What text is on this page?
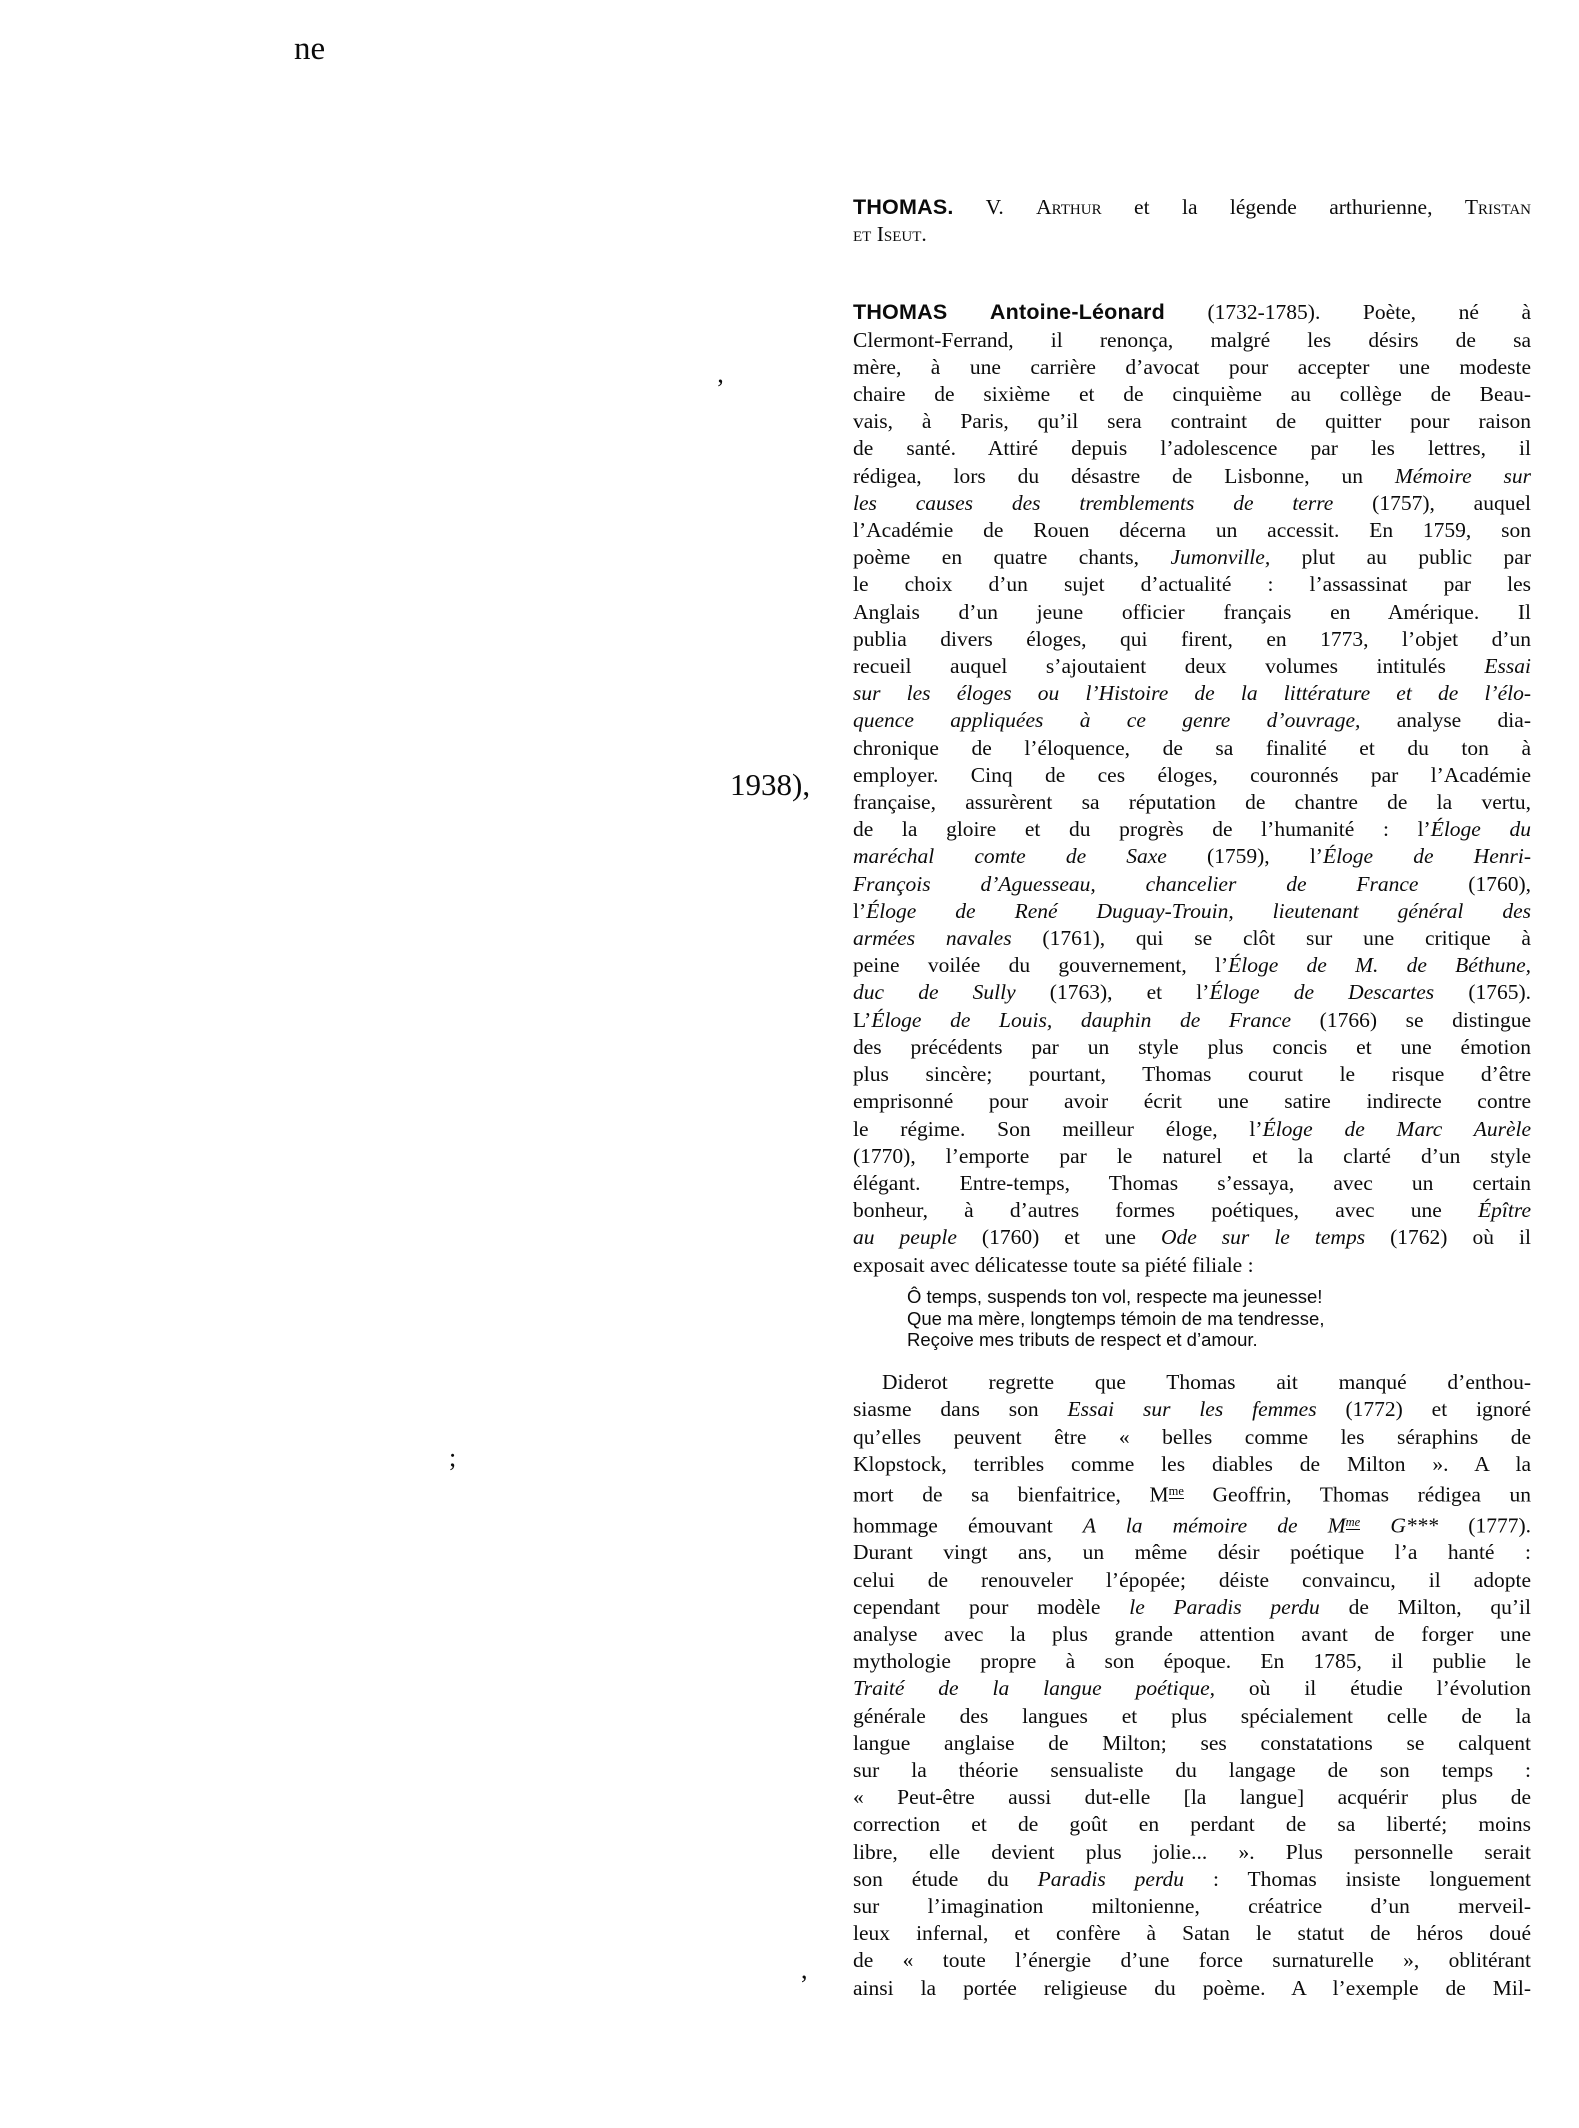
ne
’
1938),
;
,
THOMAS. V. Arthur et la légende arthurienne, Tristan
et Iseut.
THOMAS Antoine-Léonard (1732-1785). Poète, né à
Clermont-Ferrand, il renonça, malgré les désirs de sa
mère, à une carrière d’avocat pour accepter une modeste
chaire de sixième et de cinquième au collège de Beau-
vais, à Paris, qu’il sera contraint de quitter pour raison
de santé. Attiré depuis l’adolescence par les lettres, il
rédigea, lors du désastre de Lisbonne, un Mémoire sur
les causes des tremblements de terre (1757), auquel
l’Académie de Rouen décerna un accessit. En 1759, son
poème en quatre chants, Jumonville, plut au public par
le choix d’un sujet d’actualité : l’assassinat par les
Anglais d’un jeune officier français en Amérique. Il
publia divers éloges, qui firent, en 1773, l’objet d’un
recueil auquel s’ajoutaient deux volumes intitulés Essai
sur les éloges ou l’Histoire de la littérature et de l’élo-
quence appliquées à ce genre d’ouvrage, analyse dia-
chronique de l’éloquence, de sa finalité et du ton à
employer. Cinq de ces éloges, couronnés par l’Académie
française, assurèrent sa réputation de chantre de la vertu,
de la gloire et du progrès de l’humanité : l’Éloge du
maréchal comte de Saxe (1759), l’Éloge de Henri-
François d’Aguesseau, chancelier de France (1760),
l’Éloge de René Duguay-Trouin, lieutenant général des
armées navales (1761), qui se clôt sur une critique à
peine voilée du gouvernement, l’Éloge de M. de Béthune,
duc de Sully (1763), et l’Éloge de Descartes (1765).
L’Éloge de Louis, dauphin de France (1766) se distingue
des précédents par un style plus concis et une émotion
plus sincère; pourtant, Thomas courut le risque d’être
emprisonné pour avoir écrit une satire indirecte contre
le régime. Son meilleur éloge, l’Éloge de Marc Aurèle
(1770), l’emporte par le naturel et la clarté d’un style
élégant. Entre-temps, Thomas s’essaya, avec un certain
bonheur, à d’autres formes poétiques, avec une Épître
au peuple (1760) et une Ode sur le temps (1762) où il
exposait avec délicatesse toute sa piété filiale :
Ô temps, suspends ton vol, respecte ma jeunesse!
Que ma mère, longtemps témoin de ma tendresse,
Reçoive mes tributs de respect et d’amour.
Diderot regrette que Thomas ait manqué d’enthou-
siasme dans son Essai sur les femmes (1772) et ignoré
qu’elles peuvent être « belles comme les séraphins de
Klopstock, terribles comme les diables de Milton ». A la
mort de sa bienfaitrice, $M^{me}$ Geoffrin, Thomas rédigea un
hommage émouvant A la mémoire de $M^{me}$ G*** (1777).
Durant vingt ans, un même désir poétique l’a hanté :
celui de renouveler l’épopée; déiste convaincu, il adopte
cependant pour modèle le Paradis perdu de Milton, qu’il
analyse avec la plus grande attention avant de forger une
mythologie propre à son époque. En 1785, il publie le
Traité de la langue poétique, où il étudie l’évolution
générale des langues et plus spécialement celle de la
langue anglaise de Milton; ses constatations se calquent
sur la théorie sensualiste du langage de son temps :
« Peut-être aussi dut-elle [la langue] acquérir plus de
correction et de goût en perdant de sa liberté; moins
libre, elle devient plus jolie... ». Plus personnelle serait
son étude du Paradis perdu : Thomas insiste longuement
sur l’imagination miltonienne, créatrice d’un merveil-
leux infernal, et confère à Satan le statut de héros doué
de « toute l’énergie d’une force surnaturelle », oblitérant
ainsi la portée religieuse du poème. A l’exemple de Mil-
